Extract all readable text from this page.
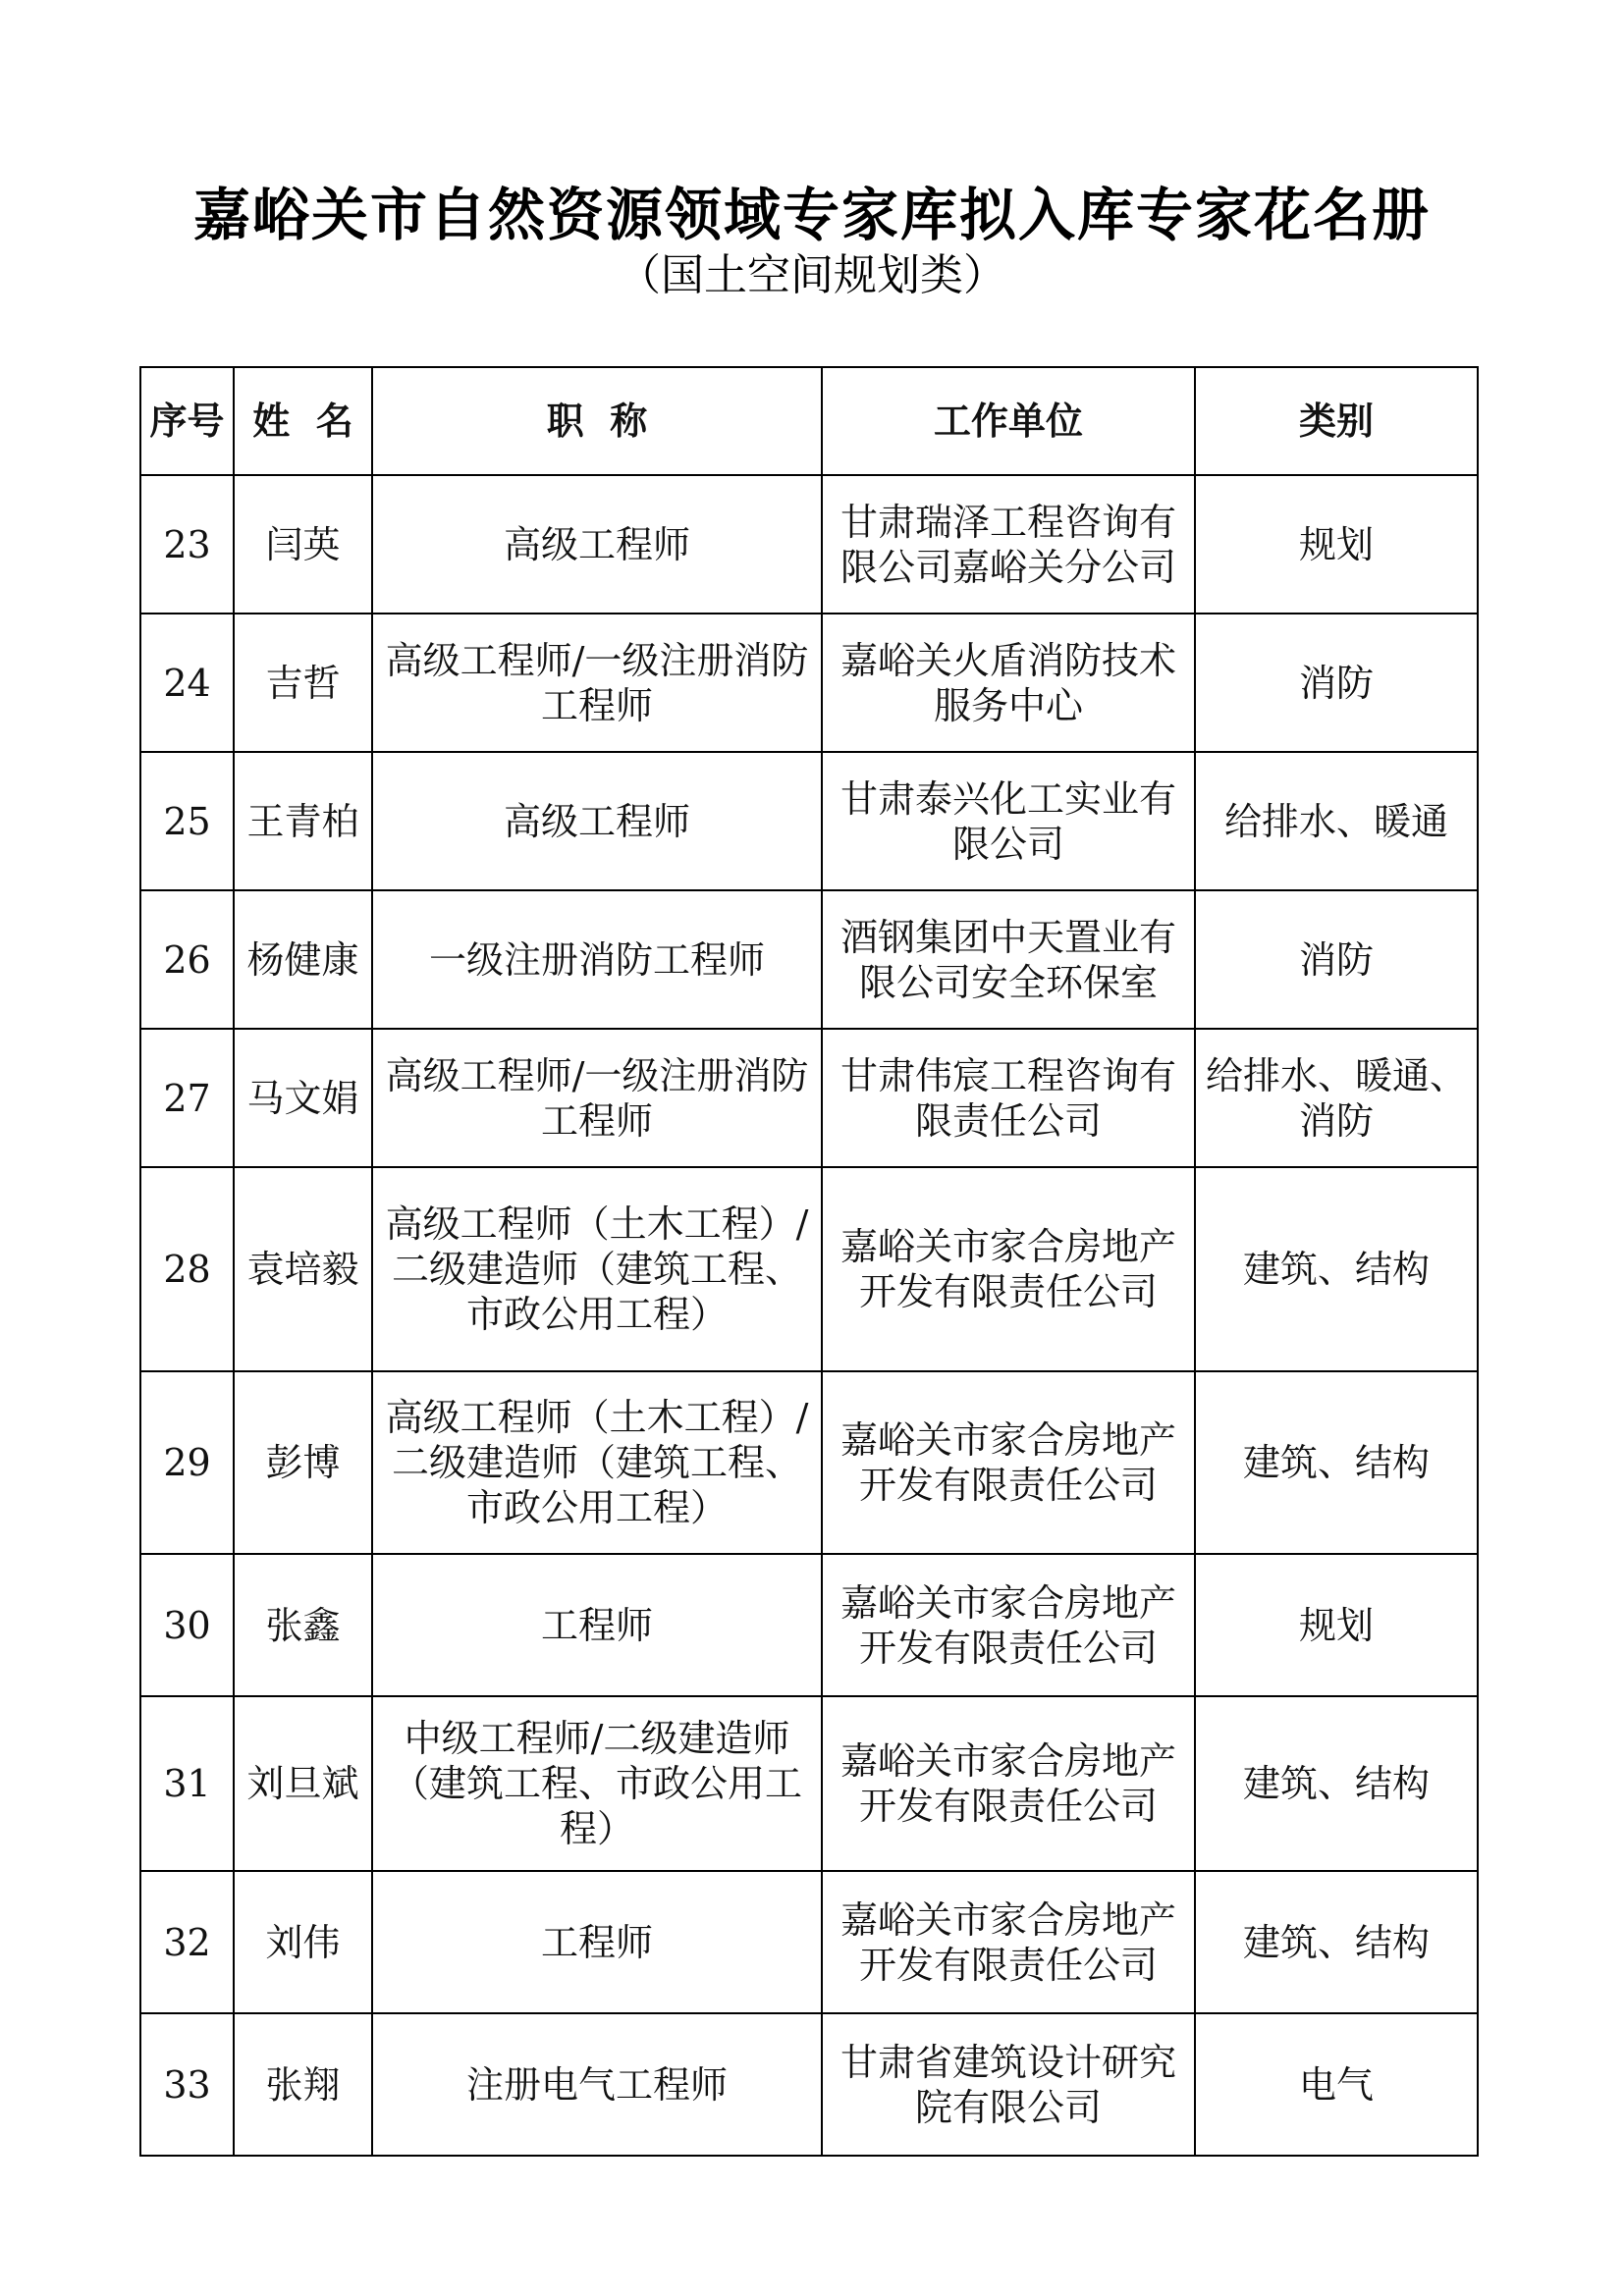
嘉峪关市自然资源领域专家库拟入库专家花名册
（国土空间规划类）
序号	姓  名	职  称	工作单位	类别
23	闫英	高级工程师	甘肃瑞泽工程咨询有限公司嘉峪关分公司	规划
24	吉哲	高级工程师/一级注册消防工程师	嘉峪关火盾消防技术服务中心	消防
25	王青柏	高级工程师	甘肃泰兴化工实业有限公司	给排水、暖通
26	杨健康	一级注册消防工程师	酒钢集团中天置业有限公司安全环保室	消防
27	马文娟	高级工程师/一级注册消防工程师	甘肃伟宸工程咨询有限责任公司	给排水、暖通、消防
28	袁培毅	高级工程师（土木工程）/二级建造师（建筑工程、市政公用工程）	嘉峪关市家合房地产开发有限责任公司	建筑、结构
29	彭博	高级工程师（土木工程）/二级建造师（建筑工程、市政公用工程）	嘉峪关市家合房地产开发有限责任公司	建筑、结构
30	张鑫	工程师	嘉峪关市家合房地产开发有限责任公司	规划
31	刘旦斌	中级工程师/二级建造师（建筑工程、市政公用工程）	嘉峪关市家合房地产开发有限责任公司	建筑、结构
32	刘伟	工程师	嘉峪关市家合房地产开发有限责任公司	建筑、结构
33	张翔	注册电气工程师	甘肃省建筑设计研究院有限公司	电气
